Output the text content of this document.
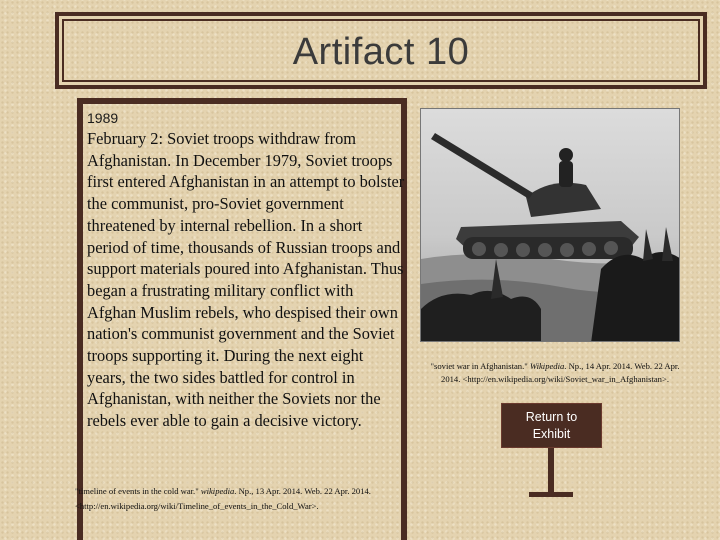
Artifact 10
1989
February 2: Soviet troops withdraw from Afghanistan. In December 1979, Soviet troops first entered Afghanistan in an attempt to bolster the communist, pro-Soviet government threatened by internal rebellion. In a short period of time, thousands of Russian troops and support materials poured into Afghanistan. Thus began a frustrating military conflict with Afghan Muslim rebels, who despised their own nation's communist government and the Soviet troops supporting it. During the next eight years, the two sides battled for control in Afghanistan, with neither the Soviets nor the rebels ever able to gain a decisive victory.
"timeline of events in the cold war." wikipedia. Np., 13 Apr. 2014. Web. 22 Apr. 2014. <http://en.wikipedia.org/wiki/Timeline_of_events_in_the_Cold_War>.
"soviet war in Afghanistan." Wikipedia. Np., 14 Apr. 2014. Web. 22 Apr. 2014. <http://en.wikipedia.org/wiki/Soviet_war_in_Afghanistan>.
Return to
Exhibit
